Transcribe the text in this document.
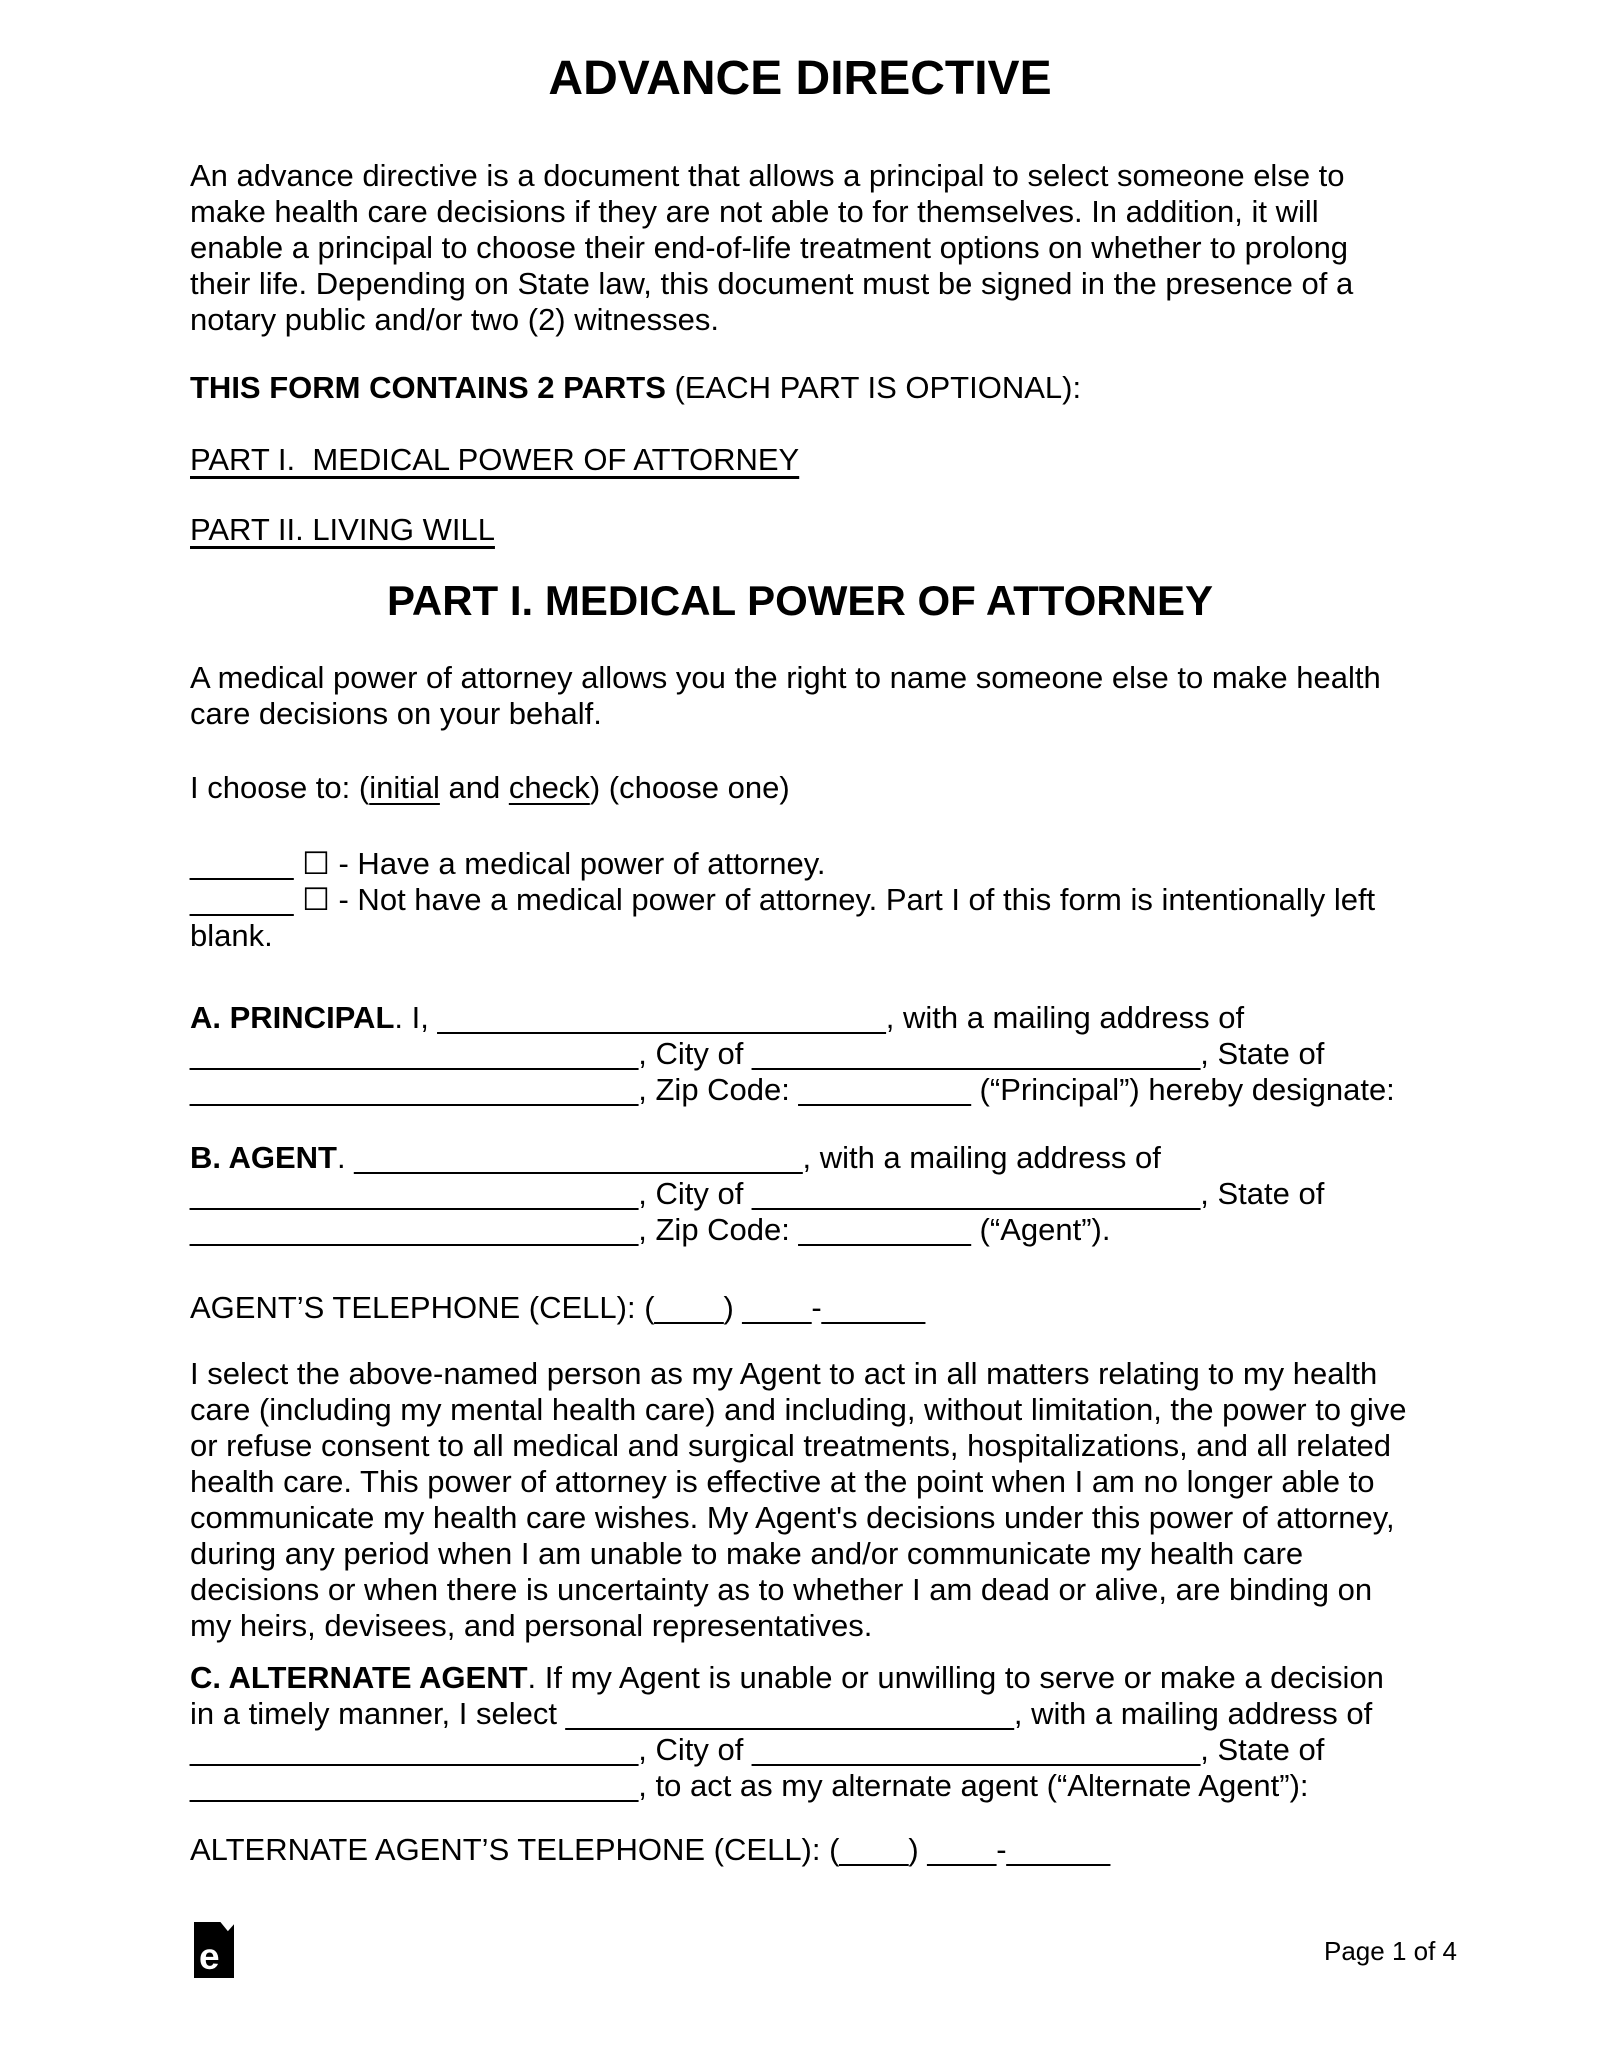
ADVANCE DIRECTIVE

An advance directive is a document that allows a principal to select someone else to make health care decisions if they are not able to for themselves. In addition, it will enable a principal to choose their end-of-life treatment options on whether to prolong their life. Depending on State law, this document must be signed in the presence of a notary public and/or two (2) witnesses.

THIS FORM CONTAINS 2 PARTS (EACH PART IS OPTIONAL):

PART I.  MEDICAL POWER OF ATTORNEY

PART II. LIVING WILL

PART I. MEDICAL POWER OF ATTORNEY

A medical power of attorney allows you the right to name someone else to make health care decisions on your behalf.

I choose to: (initial and check) (choose one)

______ ☐ - Have a medical power of attorney.
______ ☐ - Not have a medical power of attorney. Part I of this form is intentionally left blank.

A. PRINCIPAL. I, __________________________, with a mailing address of __________________________, City of __________________________, State of __________________________, Zip Code: __________ (“Principal”) hereby designate:

B. AGENT. __________________________, with a mailing address of __________________________, City of __________________________, State of __________________________, Zip Code: __________ (“Agent”).

AGENT’S TELEPHONE (CELL): (____) ____-______

I select the above-named person as my Agent to act in all matters relating to my health care (including my mental health care) and including, without limitation, the power to give or refuse consent to all medical and surgical treatments, hospitalizations, and all related health care. This power of attorney is effective at the point when I am no longer able to communicate my health care wishes. My Agent's decisions under this power of attorney, during any period when I am unable to make and/or communicate my health care decisions or when there is uncertainty as to whether I am dead or alive, are binding on my heirs, devisees, and personal representatives.

C. ALTERNATE AGENT. If my Agent is unable or unwilling to serve or make a decision in a timely manner, I select __________________________, with a mailing address of __________________________, City of __________________________, State of __________________________, to act as my alternate agent (“Alternate Agent”):

ALTERNATE AGENT’S TELEPHONE (CELL): (____) ____-______

e	Page 1 of 4
